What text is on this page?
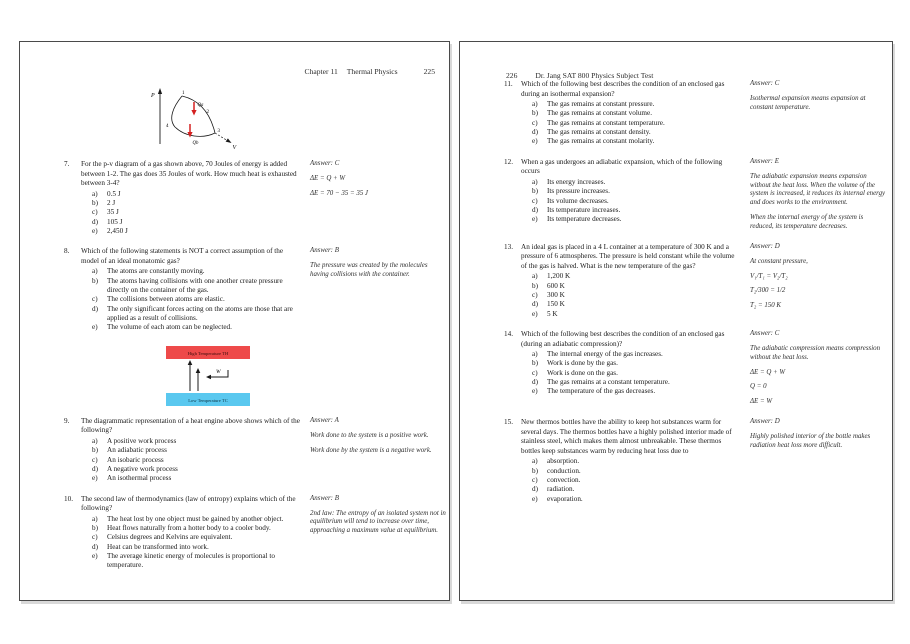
Chapter 11 Thermal Physics	225
P
V
1
2
3
4
Qa
Qb
7.	For the p-v diagram of a gas shown above, 70 Joules of energy is added between 1-2. The gas does 35 Joules of work. How much heat is exhausted between 3-4?
a)	0.5 J
b)	2 J
c)	35 J
d)	105 J
e)	2,450 J
Answer: C
ΔE = Q + W
ΔE = 70 − 35 = 35 J
8.	Which of the following statements is NOT a correct assumption of the model of an ideal monatomic gas?
a)	The atoms are constantly moving.
b)	The atoms having collisions with one another create pressure directly on the container of the gas.
c)	The collisions between atoms are elastic.
d)	The only significant forces acting on the atoms are those that are applied as a result of collisions.
e)	The volume of each atom can be neglected.
Answer: B
The pressure was created by the molecules having collisions with the container.
High Temperature TH
Low Temperature TC
W
9.	The diagrammatic representation of a heat engine above shows which of the following?
a)	A positive work process
b)	An adiabatic process
c)	An isobaric process
d)	A negative work process
e)	An isothermal process
Answer: A
Work done to the system is a positive work.
Work done by the system is a negative work.
10.	The second law of thermodynamics (law of entropy) explains which of the following?
a)	The heat lost by one object must be gained by another object.
b)	Heat flows naturally from a hotter body to a cooler body.
c)	Celsius degrees and Kelvins are equivalent.
d)	Heat can be transformed into work.
e)	The average kinetic energy of molecules is proportional to temperature.
Answer: B
2nd law: The entropy of an isolated system not in equilibrium will tend to increase over time, approaching a maximum value at equilibrium.
226 Dr. Jang SAT 800 Physics Subject Test
11.	Which of the following best describes the condition of an enclosed gas during an isothermal expansion?
a)	The gas remains at constant pressure.
b)	The gas remains at constant volume.
c)	The gas remains at constant temperature.
d)	The gas remains at constant density.
e)	The gas remains at constant molarity.
Answer: C
Isothermal expansion means expansion at constant temperature.
12.	When a gas undergoes an adiabatic expansion, which of the following occurs
a)	Its energy increases.
b)	Its pressure increases.
c)	Its volume decreases.
d)	Its temperature increases.
e)	Its temperature decreases.
Answer: E
The adiabatic expansion means expansion without the heat loss. When the volume of the system is increased, it reduces its internal energy and does works to the environment.
When the internal energy of the system is reduced, its temperature decreases.
13.	An ideal gas is placed in a 4 L container at a temperature of 300 K and a pressure of 6 atmospheres. The pressure is held constant while the volume of the gas is halved. What is the new temperature of the gas?
a)	1,200 K
b)	600 K
c)	300 K
d)	150 K
e)	5 K
Answer: D
At constant pressure,
V₁/T₁ = V₂/T₂
T₂/300 = 1/2
T₂ = 150 K
14.	Which of the following best describes the condition of an enclosed gas (during an adiabatic compression)?
a)	The internal energy of the gas increases.
b)	Work is done by the gas.
c)	Work is done on the gas.
d)	The gas remains at a constant temperature.
e)	The temperature of the gas decreases.
Answer: C
The adiabatic compression means compression without the heat loss.
ΔE = Q + W
Q = 0
ΔE = W
15.	New thermos bottles have the ability to keep hot substances warm for several days. The thermos bottles have a highly polished interior made of stainless steel, which makes them almost unbreakable. These thermos bottles keep substances warm by reducing heat loss due to
a)	absorption.
b)	conduction.
c)	convection.
d)	radiation.
e)	evaporation.
Answer: D
Highly polished interior of the bottle makes radiation heat loss more difficult.
